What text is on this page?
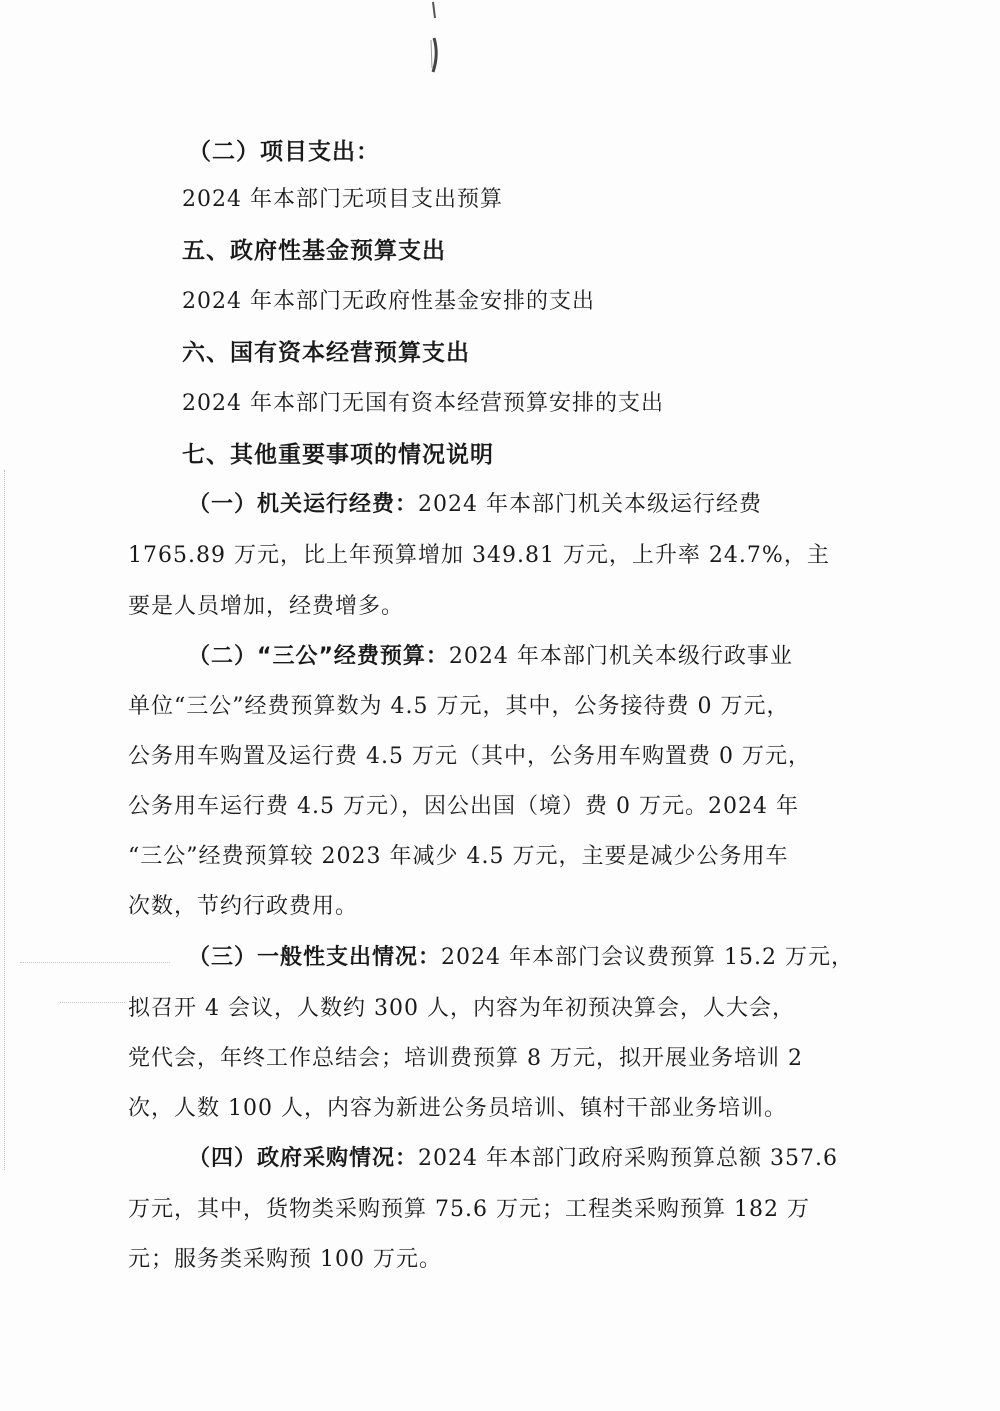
（二）项目支出：
2024 年本部门无项目支出预算
五、政府性基金预算支出
2024 年本部门无政府性基金安排的支出
六、国有资本经营预算支出
2024 年本部门无国有资本经营预算安排的支出
七、其他重要事项的情况说明
（一）机关运行经费：2024 年本部门机关本级运行经费
1765.89 万元，比上年预算增加 349.81 万元，上升率 24.7%，主
要是人员增加，经费增多。
（二）“三公”经费预算：2024 年本部门机关本级行政事业
单位“三公”经费预算数为 4.5 万元，其中，公务接待费 0 万元，
公务用车购置及运行费 4.5 万元（其中，公务用车购置费 0 万元，
公务用车运行费 4.5 万元），因公出国（境）费 0 万元。2024 年
“三公”经费预算较 2023 年减少 4.5 万元，主要是减少公务用车
次数，节约行政费用。
（三）一般性支出情况：2024 年本部门会议费预算 15.2 万元，
拟召开 4 会议，人数约 300 人，内容为年初预决算会，人大会，
党代会，年终工作总结会；培训费预算 8 万元，拟开展业务培训 2
次，人数 100 人，内容为新进公务员培训、镇村干部业务培训。
（四）政府采购情况：2024 年本部门政府采购预算总额 357.6
万元，其中，货物类采购预算 75.6 万元；工程类采购预算 182 万
元；服务类采购预 100 万元。
